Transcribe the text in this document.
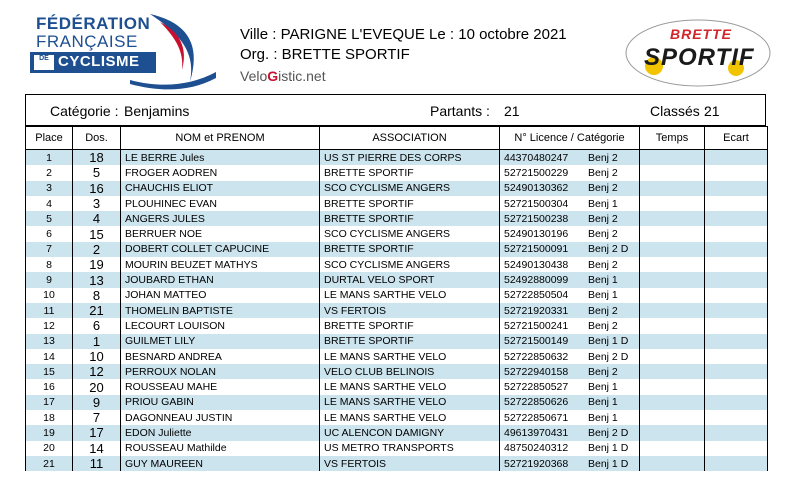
FÉDÉRATION
FRANÇAISE
DE CYCLISME
Ville : PARIGNE L'EVEQUE Le : 10 octobre 2021
Org. : BRETTE SPORTIF
VeloGistic.net
BRETTE
SPORTIF
Catégorie : Benjamins	Partants : 21	Classés :
21
Place	Dos.	NOM et PRENOM	ASSOCIATION	N° Licence / Catégorie	Temps	Ecart
1	18	LE BERRE Jules	US ST PIERRE DES CORPS	44370480247 Benj 2		
2	5	FROGER AODREN	BRETTE SPORTIF	52721500229 Benj 2		
3	16	CHAUCHIS ELIOT	SCO CYCLISME ANGERS	52490130362 Benj 2		
4	3	PLOUHINEC EVAN	BRETTE SPORTIF	52721500304 Benj 1		
5	4	ANGERS JULES	BRETTE SPORTIF	52721500238 Benj 2		
6	15	BERRUER NOE	SCO CYCLISME ANGERS	52490130196 Benj 2		
7	2	DOBERT COLLET CAPUCINE	BRETTE SPORTIF	52721500091 Benj 2 D		
8	19	MOURIN BEUZET MATHYS	SCO CYCLISME ANGERS	52490130438 Benj 2		
9	13	JOUBARD ETHAN	DURTAL VELO SPORT	52492880099 Benj 1		
10	8	JOHAN MATTEO	LE MANS SARTHE VELO	52722850504 Benj 1		
11	21	THOMELIN BAPTISTE	VS FERTOIS	52721920331 Benj 2		
12	6	LECOURT LOUISON	BRETTE SPORTIF	52721500241 Benj 2		
13	1	GUILMET LILY	BRETTE SPORTIF	52721500149 Benj 1 D		
14	10	BESNARD ANDREA	LE MANS SARTHE VELO	52722850632 Benj 2 D		
15	12	PERROUX NOLAN	VELO CLUB BELINOIS	52722940158 Benj 2		
16	20	ROUSSEAU MAHE	LE MANS SARTHE VELO	52722850527 Benj 1		
17	9	PRIOU GABIN	LE MANS SARTHE VELO	52722850626 Benj 1		
18	7	DAGONNEAU JUSTIN	LE MANS SARTHE VELO	52722850671 Benj 1		
19	17	EDON Juliette	UC ALENCON DAMIGNY	49613970431 Benj 2 D		
20	14	ROUSSEAU Mathilde	US METRO TRANSPORTS	48750240312 Benj 1 D		
21	11	GUY MAUREEN	VS FERTOIS	52721920368 Benj 1 D		
